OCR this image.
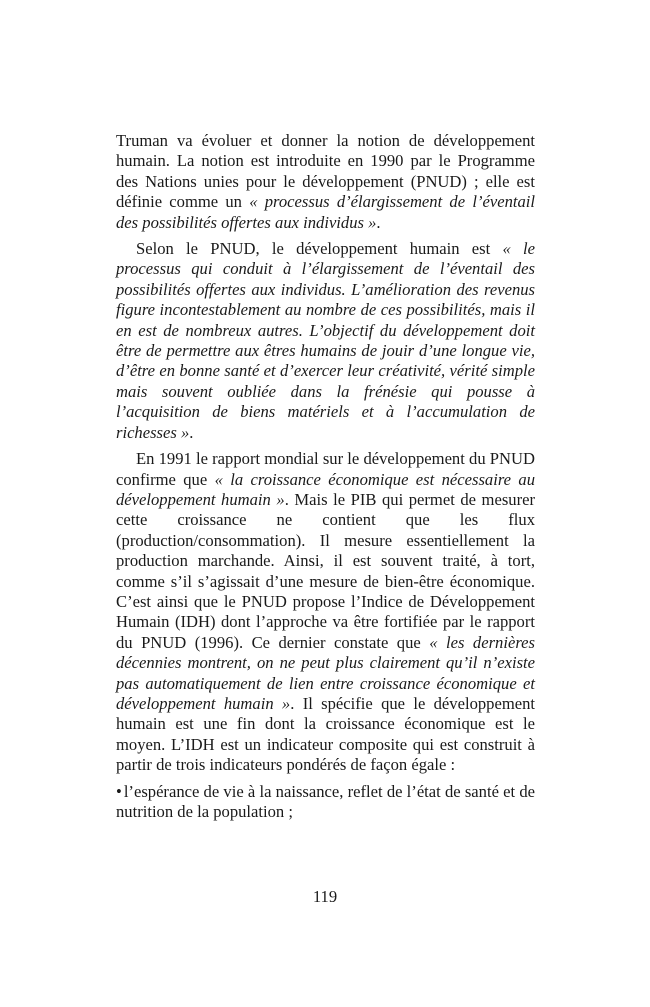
Truman va évoluer et donner la notion de développement humain. La notion est introduite en 1990 par le Programme des Nations unies pour le développement (PNUD) ; elle est définie comme un « processus d’élargissement de l’éventail des possibilités offertes aux individus ».

Selon le PNUD, le développement humain est « le processus qui conduit à l’élargissement de l’éventail des possibilités offertes aux individus. L’amélioration des revenus figure incontestablement au nombre de ces possibilités, mais il en est de nombreux autres. L’objectif du développement doit être de permettre aux êtres humains de jouir d’une longue vie, d’être en bonne santé et d’exercer leur créativité, vérité simple mais souvent oubliée dans la frénésie qui pousse à l’acquisition de biens matériels et à l’accumulation de richesses ».

En 1991 le rapport mondial sur le développement du PNUD confirme que « la croissance économique est nécessaire au développement humain ». Mais le PIB qui permet de mesurer cette croissance ne contient que les flux (production/consommation). Il mesure essentiellement la production marchande. Ainsi, il est souvent traité, à tort, comme s’il s’agissait d’une mesure de bien-être économique. C’est ainsi que le PNUD propose l’Indice de Développement Humain (IDH) dont l’approche va être fortifiée par le rapport du PNUD (1996). Ce dernier constate que « les dernières décennies montrent, on ne peut plus clairement qu’il n’existe pas automatiquement de lien entre croissance économique et développement humain ». Il spécifie que le développement humain est une fin dont la croissance économique est le moyen. L’IDH est un indicateur composite qui est construit à partir de trois indicateurs pondérés de façon égale :

• l’espérance de vie à la naissance, reflet de l’état de santé et de nutrition de la population ;

119
